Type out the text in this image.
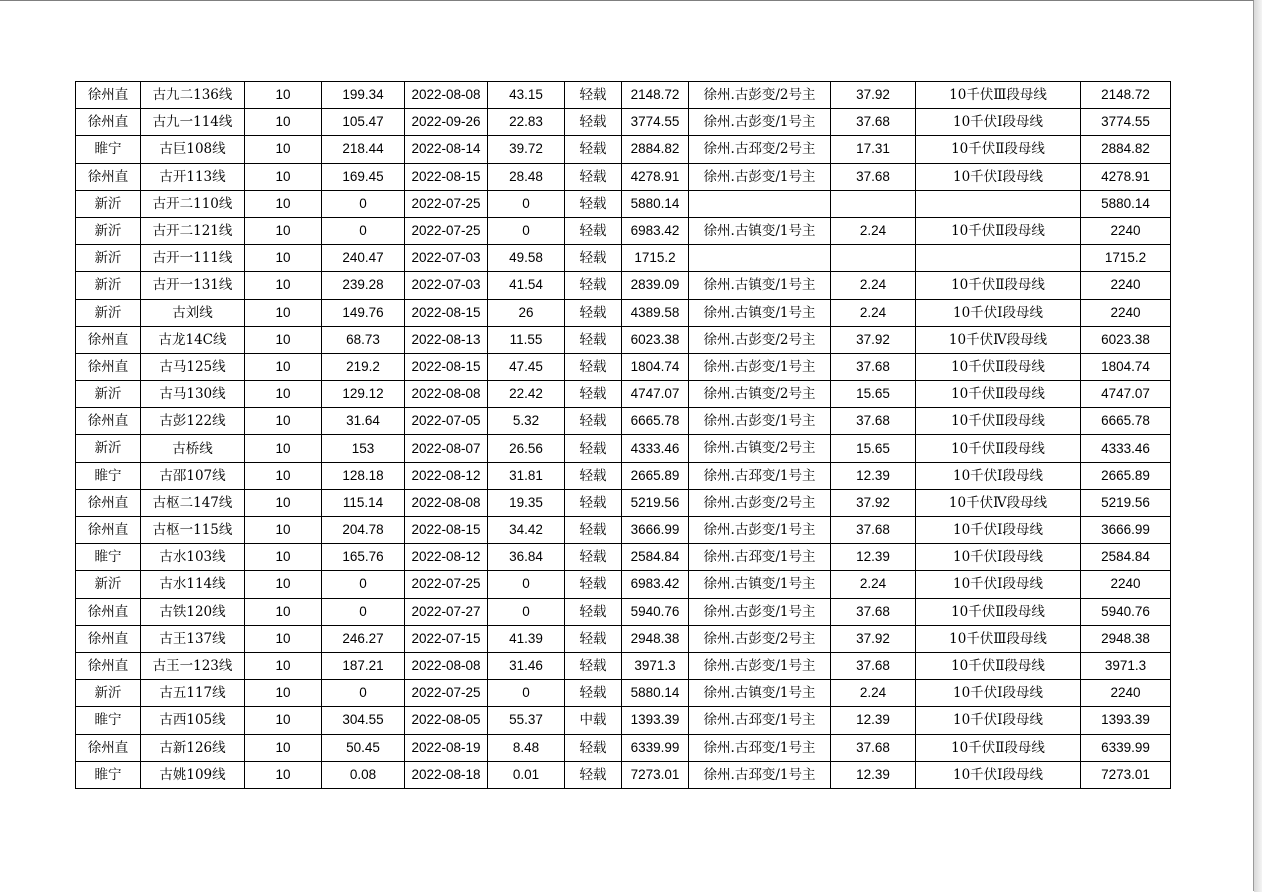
徐州直	古九二136线	10	199.34	2022-08-08	43.15	轻载	2148.72	徐州.古彭变/2号主	37.92	10千伏Ⅲ段母线	2148.72
徐州直	古九一114线	10	105.47	2022-09-26	22.83	轻载	3774.55	徐州.古彭变/1号主	37.68	10千伏Ⅰ段母线	3774.55
睢宁	古巨108线	10	218.44	2022-08-14	39.72	轻载	2884.82	徐州.古邳变/2号主	17.31	10千伏Ⅱ段母线	2884.82
徐州直	古开113线	10	169.45	2022-08-15	28.48	轻载	4278.91	徐州.古彭变/1号主	37.68	10千伏Ⅰ段母线	4278.91
新沂	古开二110线	10	0	2022-07-25	0	轻载	5880.14				5880.14
新沂	古开二121线	10	0	2022-07-25	0	轻载	6983.42	徐州.古镇变/1号主	2.24	10千伏Ⅱ段母线	2240
新沂	古开一111线	10	240.47	2022-07-03	49.58	轻载	1715.2				1715.2
新沂	古开一131线	10	239.28	2022-07-03	41.54	轻载	2839.09	徐州.古镇变/1号主	2.24	10千伏Ⅱ段母线	2240
新沂	古刘线	10	149.76	2022-08-15	26	轻载	4389.58	徐州.古镇变/1号主	2.24	10千伏Ⅰ段母线	2240
徐州直	古龙14C线	10	68.73	2022-08-13	11.55	轻载	6023.38	徐州.古彭变/2号主	37.92	10千伏Ⅳ段母线	6023.38
徐州直	古马125线	10	219.2	2022-08-15	47.45	轻载	1804.74	徐州.古彭变/1号主	37.68	10千伏Ⅱ段母线	1804.74
新沂	古马130线	10	129.12	2022-08-08	22.42	轻载	4747.07	徐州.古镇变/2号主	15.65	10千伏Ⅱ段母线	4747.07
徐州直	古彭122线	10	31.64	2022-07-05	5.32	轻载	6665.78	徐州.古彭变/1号主	37.68	10千伏Ⅱ段母线	6665.78
新沂	古桥线	10	153	2022-08-07	26.56	轻载	4333.46	徐州.古镇变/2号主	15.65	10千伏Ⅱ段母线	4333.46
睢宁	古邵107线	10	128.18	2022-08-12	31.81	轻载	2665.89	徐州.古邳变/1号主	12.39	10千伏Ⅰ段母线	2665.89
徐州直	古枢二147线	10	115.14	2022-08-08	19.35	轻载	5219.56	徐州.古彭变/2号主	37.92	10千伏Ⅳ段母线	5219.56
徐州直	古枢一115线	10	204.78	2022-08-15	34.42	轻载	3666.99	徐州.古彭变/1号主	37.68	10千伏Ⅰ段母线	3666.99
睢宁	古水103线	10	165.76	2022-08-12	36.84	轻载	2584.84	徐州.古邳变/1号主	12.39	10千伏Ⅰ段母线	2584.84
新沂	古水114线	10	0	2022-07-25	0	轻载	6983.42	徐州.古镇变/1号主	2.24	10千伏Ⅰ段母线	2240
徐州直	古铁120线	10	0	2022-07-27	0	轻载	5940.76	徐州.古彭变/1号主	37.68	10千伏Ⅱ段母线	5940.76
徐州直	古王137线	10	246.27	2022-07-15	41.39	轻载	2948.38	徐州.古彭变/2号主	37.92	10千伏Ⅲ段母线	2948.38
徐州直	古王一123线	10	187.21	2022-08-08	31.46	轻载	3971.3	徐州.古彭变/1号主	37.68	10千伏Ⅱ段母线	3971.3
新沂	古五117线	10	0	2022-07-25	0	轻载	5880.14	徐州.古镇变/1号主	2.24	10千伏Ⅰ段母线	2240
睢宁	古西105线	10	304.55	2022-08-05	55.37	中载	1393.39	徐州.古邳变/1号主	12.39	10千伏Ⅰ段母线	1393.39
徐州直	古新126线	10	50.45	2022-08-19	8.48	轻载	6339.99	徐州.古邳变/1号主	37.68	10千伏Ⅱ段母线	6339.99
睢宁	古姚109线	10	0.08	2022-08-18	0.01	轻载	7273.01	徐州.古邳变/1号主	12.39	10千伏Ⅰ段母线	7273.01
